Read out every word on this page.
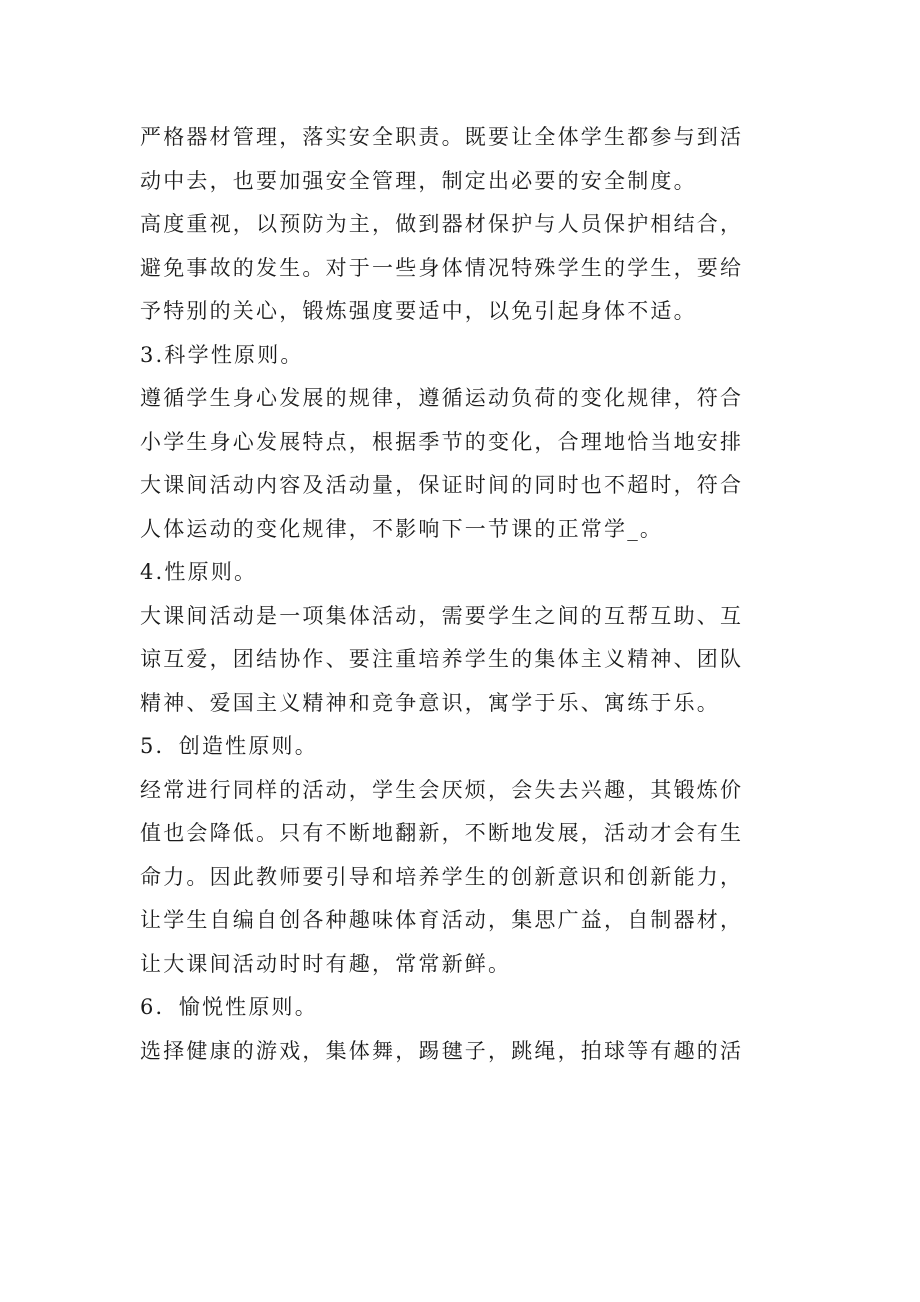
严格器材管理，落实安全职责。既要让全体学生都参与到活
动中去，也要加强安全管理，制定出必要的安全制度。
高度重视，以预防为主，做到器材保护与人员保护相结合，
避免事故的发生。对于一些身体情况特殊学生的学生，要给
予特别的关心，锻炼强度要适中，以免引起身体不适。
3.科学性原则。
遵循学生身心发展的规律，遵循运动负荷的变化规律，符合
小学生身心发展特点，根据季节的变化，合理地恰当地安排
大课间活动内容及活动量，保证时间的同时也不超时，符合
人体运动的变化规律，不影响下一节课的正常学_。
4.性原则。
大课间活动是一项集体活动，需要学生之间的互帮互助、互
谅互爱，团结协作、要注重培养学生的集体主义精神、团队
精神、爱国主义精神和竞争意识，寓学于乐、寓练于乐。
5．创造性原则。
经常进行同样的活动，学生会厌烦，会失去兴趣，其锻炼价
值也会降低。只有不断地翻新，不断地发展，活动才会有生
命力。因此教师要引导和培养学生的创新意识和创新能力，
让学生自编自创各种趣味体育活动，集思广益，自制器材，
让大课间活动时时有趣，常常新鲜。
6．愉悦性原则。
选择健康的游戏，集体舞，踢毽子，跳绳，拍球等有趣的活
